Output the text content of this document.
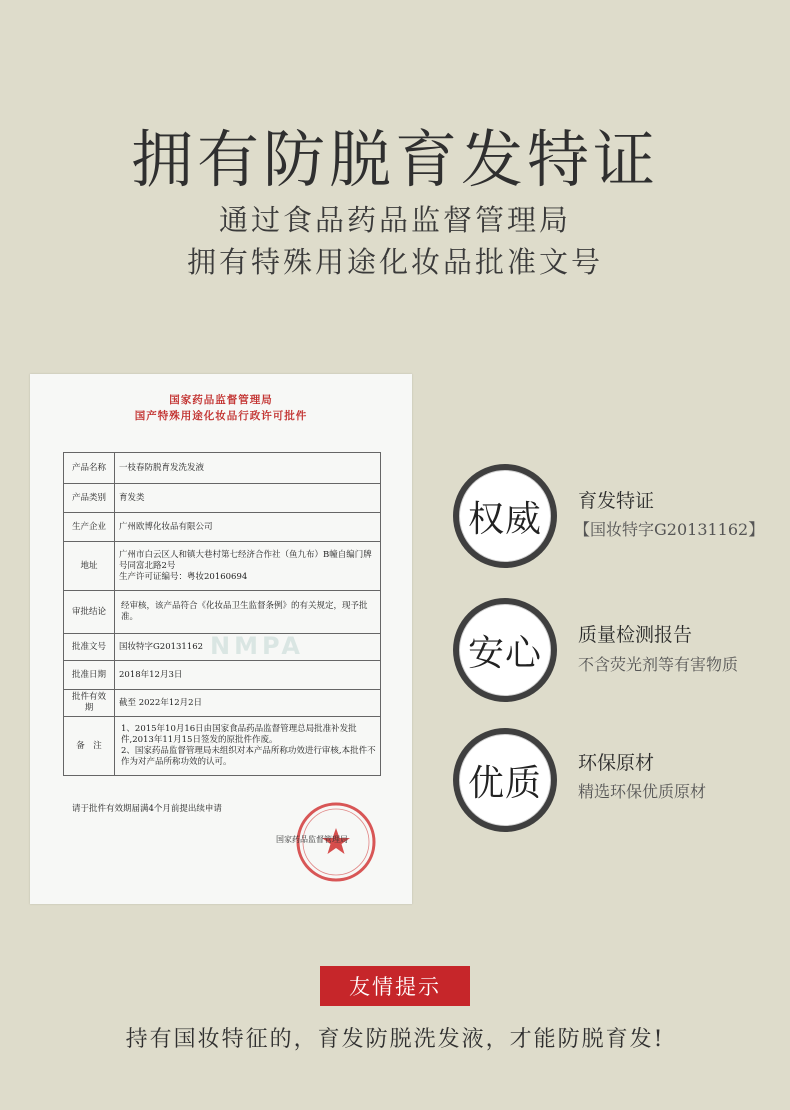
拥有防脱育发特证
通过食品药品监督管理局
拥有特殊用途化妆品批准文号
国家药品监督管理局
国产特殊用途化妆品行政许可批件
产品名称	一枝春防脱育发洗发液
产品类别	育发类
生产企业	广州欧博化妆品有限公司
地址	广州市白云区人和镇大巷村第七经济合作社（鱼九布）B幢自编门牌号同富北路2号
生产许可证编号：粤妆20160694

审批结论	经审核，该产品符合《化妆品卫生监督条例》的有关规定，现予批准。
批准文号	国妆特字G20131162
批准日期	2018年12月3日
批件有效期	截至 2022年12月2日
备　注	1、2015年10月16日由国家食品药品监督管理总局批准补发批件,2013年11月15日签发的原批件作废。
2、国家药品监督管理局未组织对本产品所称功效进行审核,本批件不作为对产品所称功效的认可。
NMPA
请于批件有效期届满4个月前提出续申请
国家药品监督管理局
权威	育发特证
【国妆特字G20131162】
安心	质量检测报告
不含荧光剂等有害物质
优质	环保原材
精选环保优质原材
友情提示
持有国妆特征的，育发防脱洗发液，才能防脱育发!
